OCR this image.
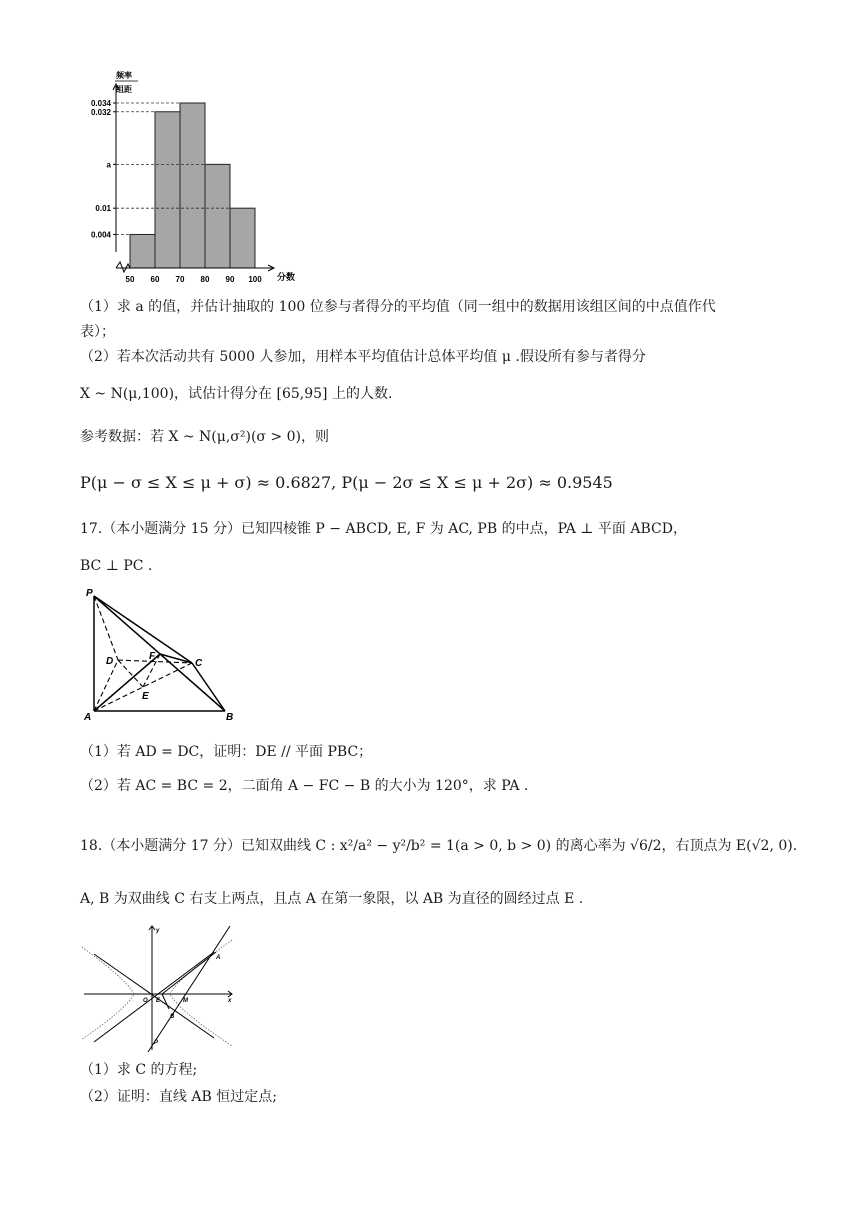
频率
组距
0.034
0.032
a
0.01
0.004
50 60 70 80 90 100 分数
（1）求 a 的值，并估计抽取的 100 位参与者得分的平均值（同一组中的数据用该组区间的中点值作代
表）；
（2）若本次活动共有 5000 人参加，用样本平均值估计总体平均值 μ .假设所有参与者得分
X ~ N(μ,100)，试估计得分在 [65,95] 上的人数.
参考数据：若 X ~ N(μ,σ²)(σ > 0)，则
P(μ − σ ≤ X ≤ μ + σ) ≈ 0.6827, P(μ − 2σ ≤ X ≤ μ + 2σ) ≈ 0.9545
17.（本小题满分 15 分）已知四棱锥 P − ABCD, E, F 为 AC, PB 的中点，PA ⊥ 平面 ABCD，
BC ⊥ PC .
P
D	F
C
E
A	B
（1）若 AD = DC，证明：DE // 平面 PBC；
（2）若 AC = BC = 2，二面角 A − FC − B 的大小为 120°，求 PA .
18.（本小题满分 17 分）已知双曲线 C : x²/a² − y²/b² = 1(a > 0, b > 0) 的离心率为 √6/2，右顶点为 E(√2, 0).
A, B 为双曲线 C 右支上两点，且点 A 在第一象限，以 AB 为直径的圆经过点 E .
y
x
O E	M
A
B
P
（1）求 C 的方程;
（2）证明：直线 AB 恒过定点;
